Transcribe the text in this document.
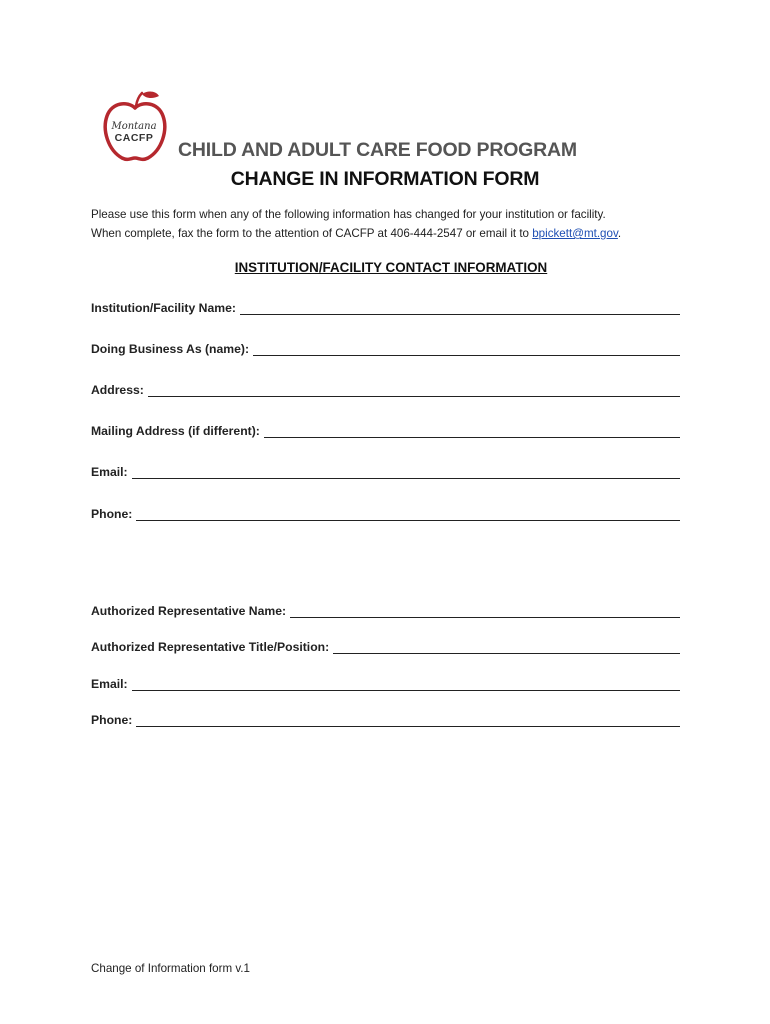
Montana
CACFP
CHILD AND ADULT CARE FOOD PROGRAM
CHANGE IN INFORMATION FORM
Please use this form when any of the following information has changed for your institution or facility.
When complete, fax the form to the attention of CACFP at 406-444-2547 or email it to bpickett@mt.gov.
INSTITUTION/FACILITY CONTACT INFORMATION
Institution/Facility Name:
Doing Business As (name):
Address:
Mailing Address (if different):
Email:
Phone:
Authorized Representative Name:
Authorized Representative Title/Position:
Email:
Phone:
Change of Information form v.1
